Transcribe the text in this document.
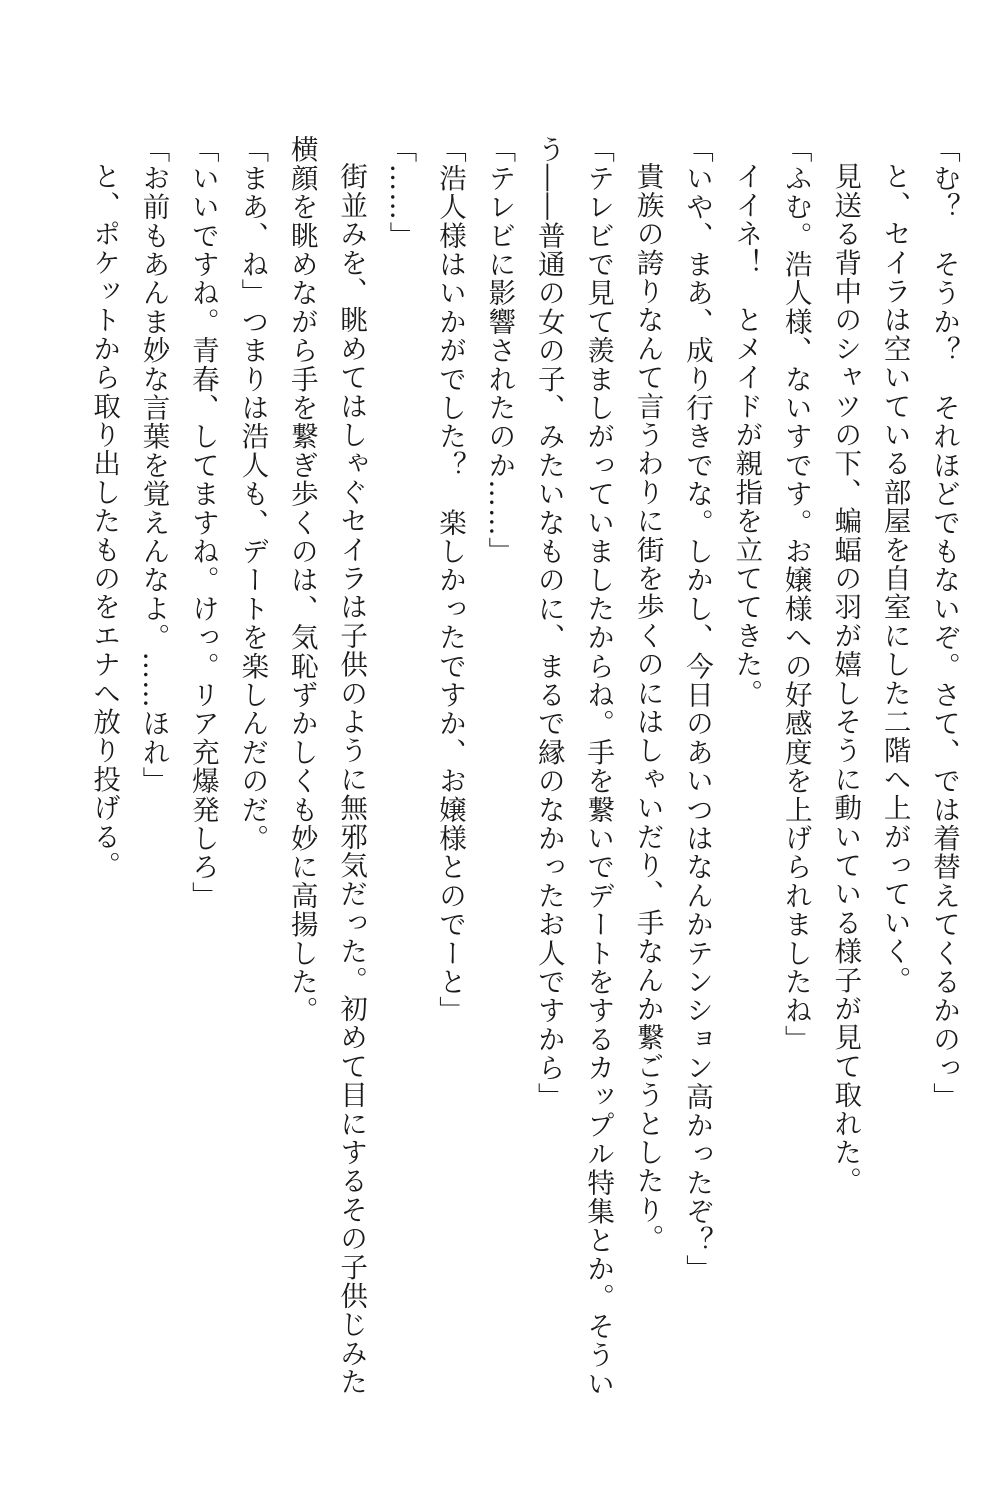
「む？　そうか？　それほどでもないぞ。さて、では着替えてくるかのっ」

と、セイラは空いている部屋を自室にした二階へ上がっていく。

見送る背中のシャツの下、蝙蝠の羽が嬉しそうに動いている様子が見て取れた。

「ふむ。浩人様、ないすです。お嬢様への好感度を上げられましたね」

イイネ！　とメイドが親指を立ててきた。

「いや、まあ、成り行きでな。しかし、今日のあいつはなんかテンション高かったぞ？」

貴族の誇りなんて言うわりに街を歩くのにはしゃいだり、手なんか繋ごうとしたり。

「テレビで見て羨ましがっていましたからね。手を繋いでデートをするカップル特集とか。そうい

う――普通の女の子、みたいなものに、まるで縁のなかったお人ですから」

「テレビに影響されたのか……」

「浩人様はいかがでした？　楽しかったですか、お嬢様とのでーと」

「……」

街並みを、眺めてはしゃぐセイラは子供のように無邪気だった。初めて目にするその子供じみた

横顔を眺めながら手を繋ぎ歩くのは、気恥ずかしくも妙に高揚した。

「まあ、ね」つまりは浩人も、デートを楽しんだのだ。

「いいですね。青春、してますね。けっ。リア充爆発しろ」

「お前もあんま妙な言葉を覚えんなよ。……ほれ」

と、ポケットから取り出したものをエナへ放り投げる。
